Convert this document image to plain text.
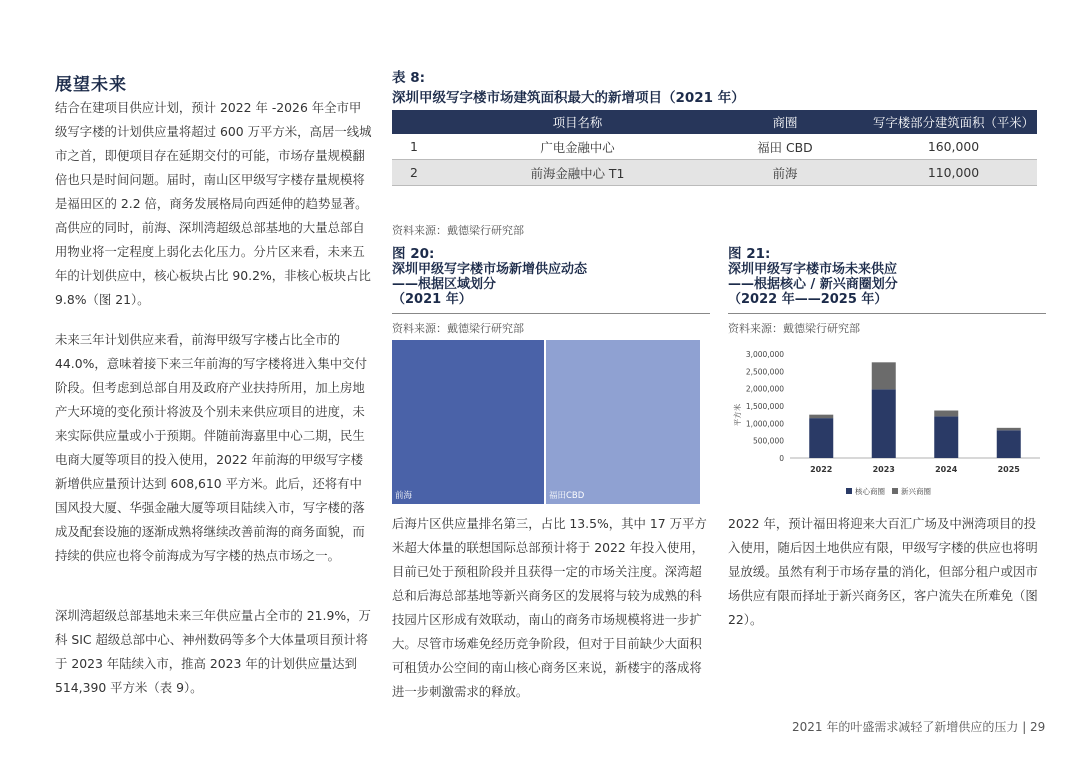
展望未来
结合在建项目供应计划，预计 2022 年 -2026 年全市甲级写字楼的计划供应量将超过 600 万平方米，高居一线城市之首，即便项目存在延期交付的可能，市场存量规模翻倍也只是时间问题。届时，南山区甲级写字楼存量规模将是福田区的 2.2 倍，商务发展格局向西延伸的趋势显著。高供应的同时，前海、深圳湾超级总部基地的大量总部自用物业将一定程度上弱化去化压力。分片区来看，未来五年的计划供应中，核心板块占比 90.2%，非核心板块占比 9.8%（图 21）。
未来三年计划供应来看，前海甲级写字楼占比全市的 44.0%，意味着接下来三年前海的写字楼将进入集中交付阶段。但考虑到总部自用及政府产业扶持所用，加上房地产大环境的变化预计将波及个别未来供应项目的进度，未来实际供应量或小于预期。伴随前海嘉里中心二期，民生电商大厦等项目的投入使用，2022 年前海的甲级写字楼新增供应量预计达到 608,610 平方米。此后，还将有中国风投大厦、华强金融大厦等项目陆续入市，写字楼的落成及配套设施的逐渐成熟将继续改善前海的商务面貌，而持续的供应也将令前海成为写字楼的热点市场之一。
深圳湾超级总部基地未来三年供应量占全市的 21.9%，万科 SIC 超级总部中心、神州数码等多个大体量项目预计将于 2023 年陆续入市，推高 2023 年的计划供应量达到 514,390 平方米（表 9）。
表 8:
深圳甲级写字楼市场建筑面积最大的新增项目（2021 年）
	项目名称	商圈	写字楼部分建筑面积（平米）
1	广电金融中心	福田 CBD	160,000
2	前海金融中心 T1	前海	110,000
资料来源：戴德梁行研究部
图 20:
深圳甲级写字楼市场新增供应动态
——根据区域划分
（2021 年）
资料来源：戴德梁行研究部
前海	福田CBD
图 21:
深圳甲级写字楼市场未来供应
——根据核心 / 新兴商圈划分
（2022 年——2025 年）
资料来源：戴德梁行研究部
0
500,000
1,000,000
1,500,000
2,000,000
2,500,000
3,000,000
平方米
2022	2023	2024	2025
核心商圈 新兴商圈
后海片区供应量排名第三，占比 13.5%，其中 17 万平方米超大体量的联想国际总部预计将于 2022 年投入使用，目前已处于预租阶段并且获得一定的市场关注度。深湾超总和后海总部基地等新兴商务区的发展将与较为成熟的科技园片区形成有效联动，南山的商务市场规模将进一步扩大。尽管市场难免经历竞争阶段，但对于目前缺少大面积可租赁办公空间的南山核心商务区来说，新楼宇的落成将进一步刺激需求的释放。
2022 年，预计福田将迎来大百汇广场及中洲湾项目的投入使用，随后因土地供应有限，甲级写字楼的供应也将明显放缓。虽然有利于市场存量的消化，但部分租户或因市场供应有限而择址于新兴商务区，客户流失在所难免（图 22）。
2021 年的叶盛需求减轻了新增供应的压力 | 29
